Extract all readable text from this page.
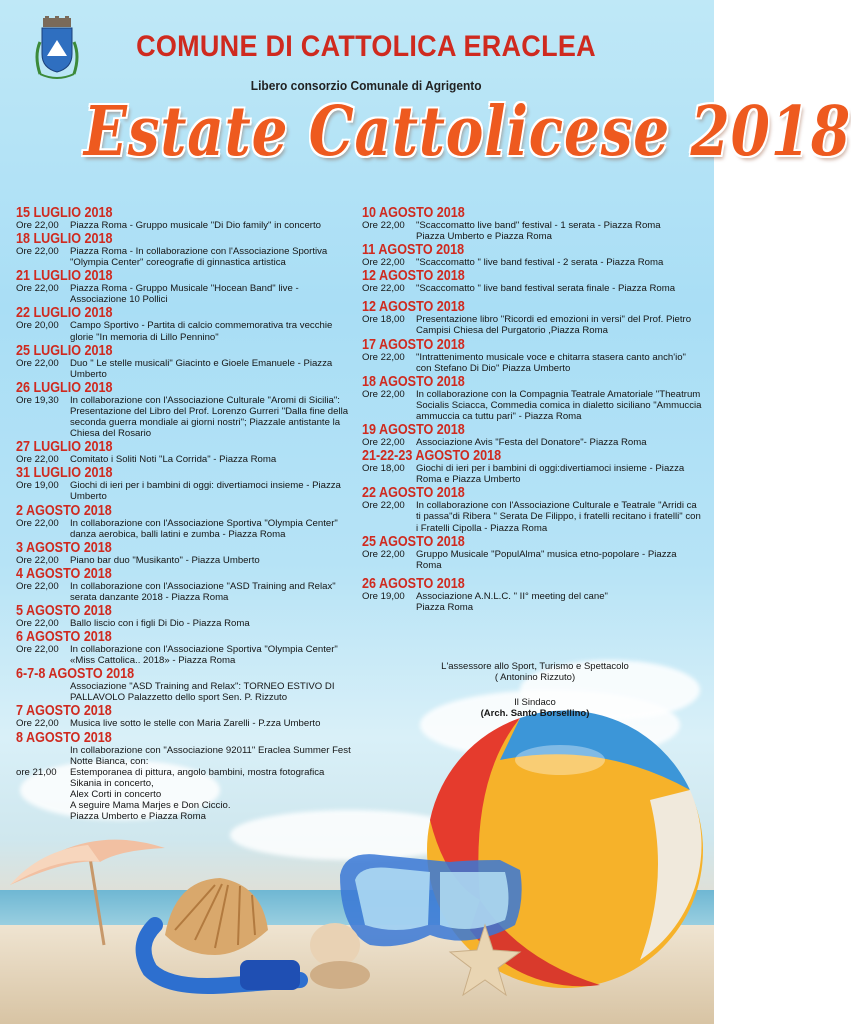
COMUNE DI CATTOLICA ERACLEA
Libero consorzio Comunale di Agrigento
Estate Cattolicese 2018
15 LUGLIO 2018
Ore 22,00	Piazza Roma - Gruppo musicale "Di Dio family" in concerto
18 LUGLIO 2018
Ore 22,00	Piazza Roma - In collaborazione con l'Associazione Sportiva "Olympia Center" coreografie di ginnastica artistica
21 LUGLIO 2018
Ore 22,00	Piazza Roma - Gruppo Musicale "Hocean Band" live - Associazione 10 Pollici
22 LUGLIO 2018
Ore 20,00	Campo Sportivo - Partita di calcio commemorativa tra vecchie glorie "In memoria di Lillo Pennino"
25 LUGLIO 2018
Ore 22,00	Duo " Le stelle musicali" Giacinto e Gioele Emanuele - Piazza Umberto
26 LUGLIO 2018
Ore 19,30	In collaborazione con l'Associazione Culturale "Aromi di Sicilia": Presentazione del Libro del Prof. Lorenzo Gurreri "Dalla fine della seconda guerra mondiale ai giorni nostri"; Piazzale antistante la Chiesa del Rosario
27 LUGLIO 2018
Ore 22,00	Comitato i Soliti Noti "La Corrida" - Piazza Roma
31 LUGLIO 2018
Ore 19,00	Giochi di ieri per i bambini di oggi: divertiamoci insieme - Piazza Umberto
2 AGOSTO 2018
Ore 22,00	In collaborazione con l'Associazione Sportiva "Olympia Center" danza aerobica, balli latini e zumba - Piazza Roma
3 AGOSTO 2018
Ore 22,00	Piano bar duo "Musikanto" - Piazza Umberto
4 AGOSTO 2018
Ore 22,00	In collaborazione con l'Associazione "ASD Training and Relax" serata danzante 2018 - Piazza Roma
5 AGOSTO 2018
Ore 22,00	Ballo liscio con i figli Di Dio - Piazza Roma
6 AGOSTO 2018
Ore 22,00	In collaborazione con l'Associazione Sportiva "Olympia Center" «Miss Cattolica.. 2018» - Piazza Roma
6-7-8 AGOSTO 2018
Associazione "ASD Training and Relax": TORNEO ESTIVO DI PALLAVOLO Palazzetto dello sport Sen. P. Rizzuto
7 AGOSTO 2018
Ore 22,00	Musica live sotto le stelle con Maria Zarelli - P.zza Umberto
8 AGOSTO 2018
In collaborazione con "Associazione 92011" Eraclea Summer Fest Notte Bianca, con:
ore 21,00	Estemporanea di pittura, angolo bambini, mostra fotografica
Sikania in concerto,
Alex Corti in concerto
A seguire Mama Marjes e Don Ciccio.
Piazza Umberto e Piazza Roma
10 AGOSTO 2018
Ore 22,00	"Scaccomatto live band" festival - 1 serata - Piazza Roma
Piazza Umberto e Piazza Roma
11 AGOSTO 2018
Ore 22,00	"Scaccomatto " live band festival - 2 serata - Piazza Roma
12 AGOSTO 2018
Ore 22,00	"Scaccomatto " live band festival serata finale - Piazza Roma
12 AGOSTO 2018
Ore 18,00	Presentazione libro "Ricordi ed emozioni in versi" del Prof. Pietro Campisi Chiesa del Purgatorio ,Piazza Roma
17 AGOSTO 2018
Ore 22,00	"Intrattenimento musicale voce e chitarra stasera canto anch'io" con Stefano Di Dio" Piazza Umberto
18 AGOSTO 2018
Ore 22,00	In collaborazione con la Compagnia Teatrale Amatoriale "Theatrum Socialis Sciacca, Commedia comica in dialetto siciliano "Ammuccia ammuccia ca tuttu pari" - Piazza Roma
19 AGOSTO 2018
Ore 22,00	Associazione Avis "Festa del Donatore"- Piazza Roma
21-22-23 AGOSTO 2018
Ore 18,00	Giochi di ieri per i bambini di oggi:divertiamoci insieme - Piazza Roma e Piazza Umberto
22 AGOSTO 2018
Ore 22,00	In collaborazione con l'Associazione Culturale e Teatrale "Arridi ca ti passa"di Ribera " Serata De Filippo, i fratelli recitano i fratelli" con i Fratelli Cipolla - Piazza Roma
25 AGOSTO 2018
Ore 22,00	Gruppo Musicale "PopulAlma" musica etno-popolare - Piazza Roma
26 AGOSTO 2018
Ore 19,00	Associazione A.N.L.C. " II° meeting del cane"
Piazza Roma
L'assessore allo Sport, Turismo e Spettacolo
( Antonino Rizzuto)
Il Sindaco
(Arch. Santo Borsellino)
